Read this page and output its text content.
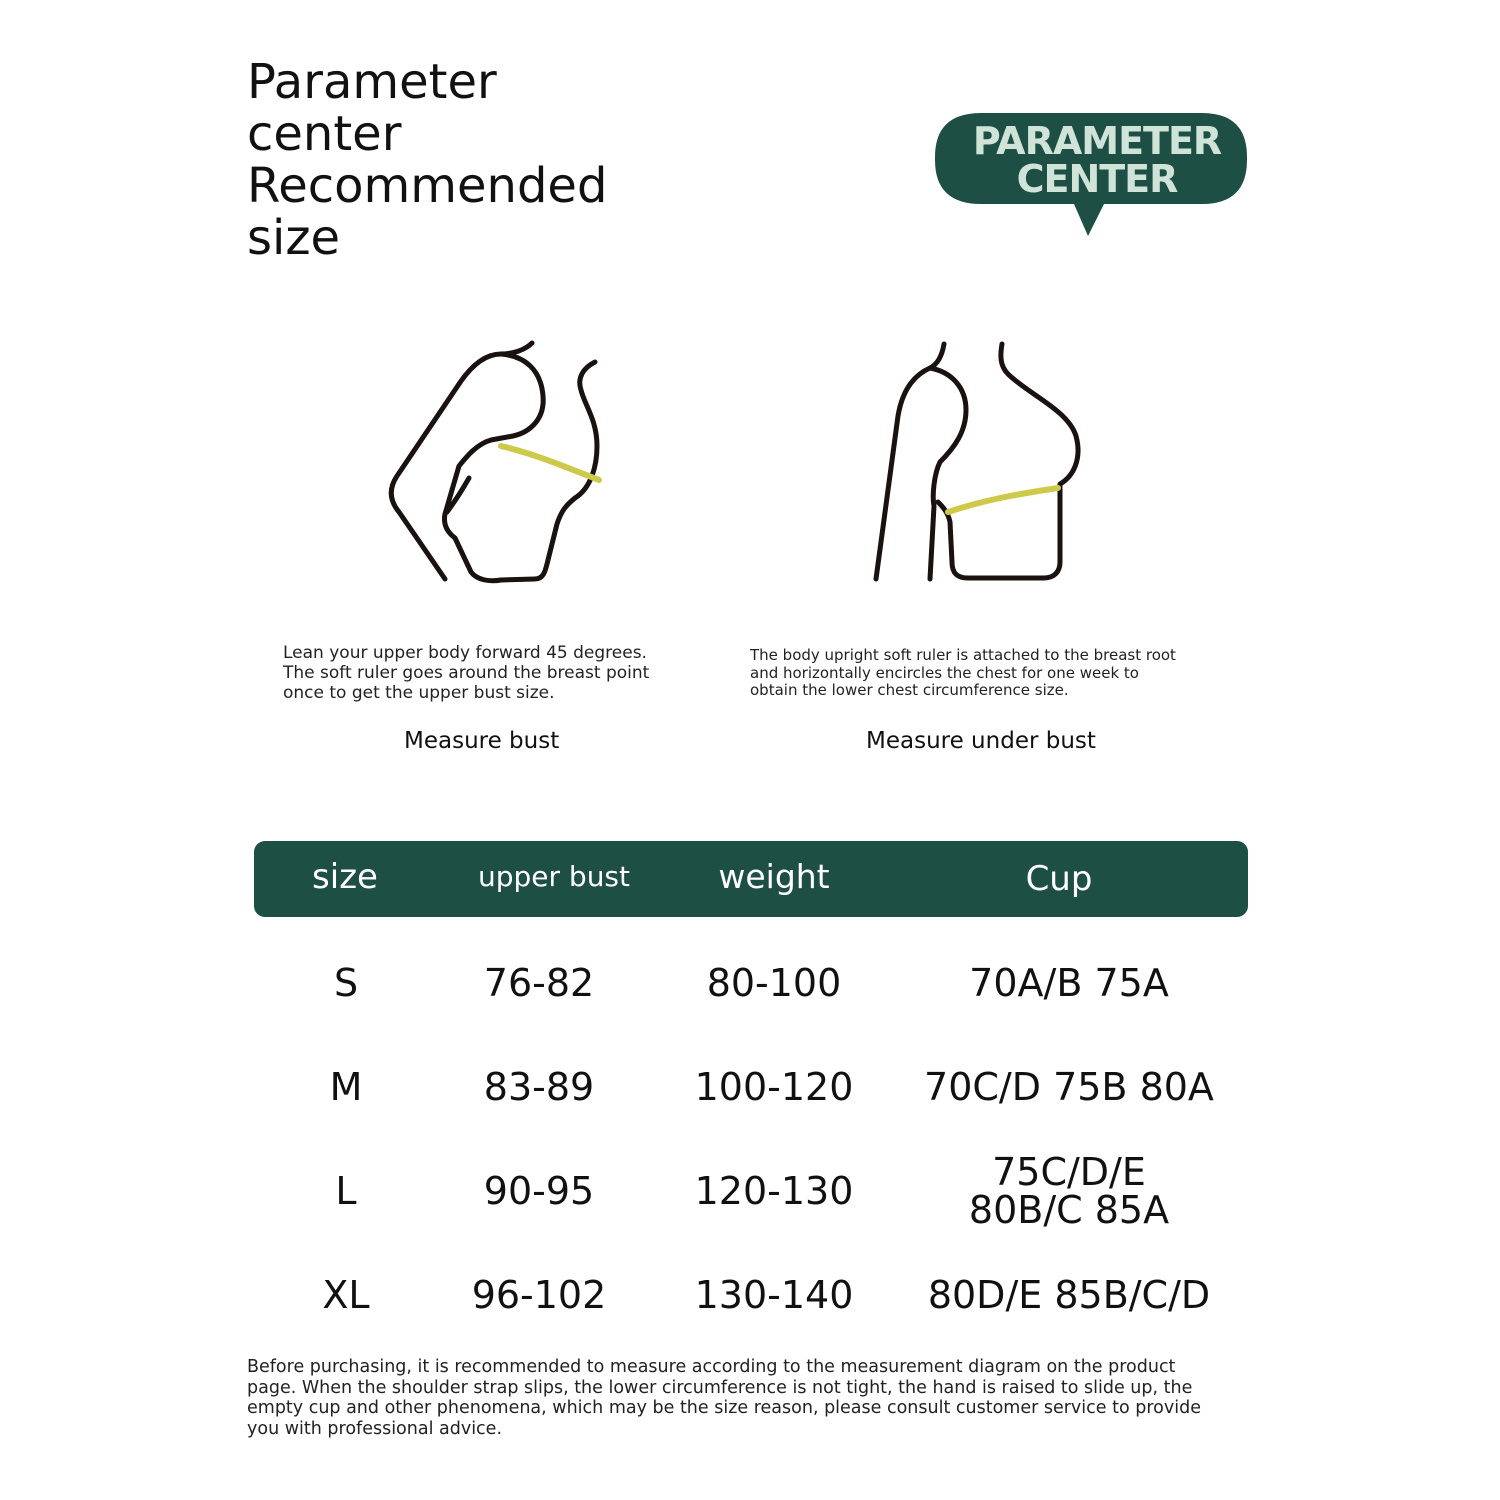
Parameter
center
Recommended
size
PARAMETER
CENTER
Lean your upper body forward 45 degrees.
The soft ruler goes around the breast point
once to get the upper bust size.
The body upright soft ruler is attached to the breast root
and horizontally encircles the chest for one week to
obtain the lower chest circumference size.
Measure bust	Measure under bust
size	upper bust	weight	Cup
S	76-82	80-100	70A/B 75A
M	83-89	100-120	70C/D 75B 80A
L	90-95	120-130	75C/D/E
80B/C 85A
XL	96-102	130-140	80D/E 85B/C/D
Before purchasing, it is recommended to measure according to the measurement diagram on the product
page. When the shoulder strap slips, the lower circumference is not tight, the hand is raised to slide up, the
empty cup and other phenomena, which may be the size reason, please consult customer service to provide
you with professional advice.
